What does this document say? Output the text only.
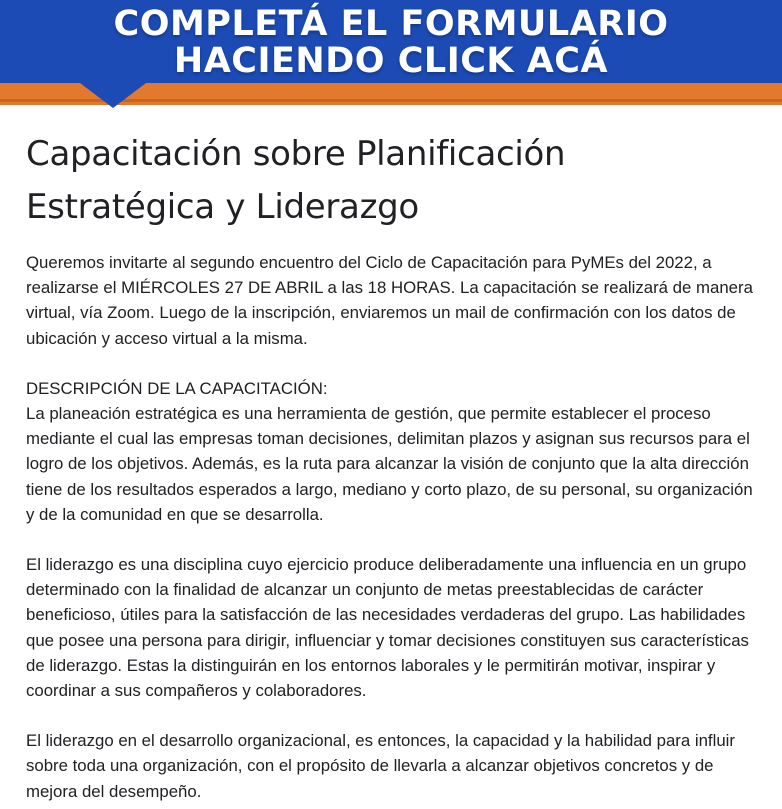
COMPLETÁ EL FORMULARIO
HACIENDO CLICK ACÁ
Capacitación sobre Planificación
Estratégica y Liderazgo

Queremos invitarte al segundo encuentro del Ciclo de Capacitación para PyMEs del 2022, a realizarse el MIÉRCOLES 27 DE ABRIL a las 18 HORAS. La capacitación se realizará de manera virtual, vía Zoom. Luego de la inscripción, enviaremos un mail de confirmación con los datos de ubicación y acceso virtual a la misma.

DESCRIPCIÓN DE LA CAPACITACIÓN:

La planeación estratégica es una herramienta de gestión, que permite establecer el proceso mediante el cual las empresas toman decisiones, delimitan plazos y asignan sus recursos para el logro de los objetivos. Además, es la ruta para alcanzar la visión de conjunto que la alta dirección tiene de los resultados esperados a largo, mediano y corto plazo, de su personal, su organización y de la comunidad en que se desarrolla.

El liderazgo es una disciplina cuyo ejercicio produce deliberadamente una influencia en un grupo determinado con la finalidad de alcanzar un conjunto de metas preestablecidas de carácter beneficioso, útiles para la satisfacción de las necesidades verdaderas del grupo. Las habilidades que posee una persona para dirigir, influenciar y tomar decisiones constituyen sus características de liderazgo. Estas la distinguirán en los entornos laborales y le permitirán motivar, inspirar y coordinar a sus compañeros y colaboradores.

El liderazgo en el desarrollo organizacional, es entonces, la capacidad y la habilidad para influir sobre toda una organización, con el propósito de llevarla a alcanzar objetivos concretos y de mejora del desempeño.
